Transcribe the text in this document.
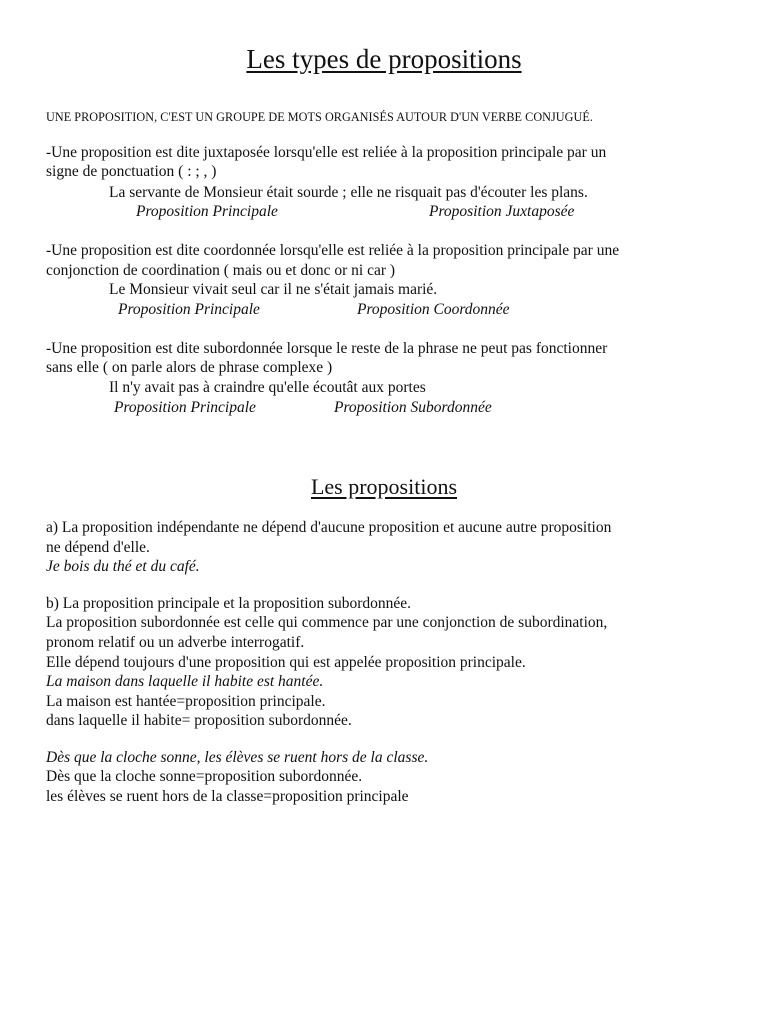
Les types de propositions
UNE PROPOSITION, C'EST UN GROUPE DE MOTS ORGANISÉS AUTOUR D'UN VERBE CONJUGUÉ.
-Une proposition est dite juxtaposée lorsqu'elle est reliée à la proposition principale par un
signe de ponctuation ( : ; , )
La servante de Monsieur était sourde ; elle ne risquait pas d'écouter les plans.
Proposition Principale	Proposition Juxtaposée
-Une proposition est dite coordonnée lorsqu'elle est reliée à la proposition principale par une
conjonction de coordination ( mais ou et donc or ni car )
Le Monsieur vivait seul car il ne s'était jamais marié.
Proposition Principale	Proposition Coordonnée
-Une proposition est dite subordonnée lorsque le reste de la phrase ne peut pas fonctionner
sans elle ( on parle alors de phrase complexe )
Il n'y avait pas à craindre qu'elle écoutât aux portes
Proposition Principale	Proposition Subordonnée
Les propositions
a) La proposition indépendante ne dépend d'aucune proposition et aucune autre proposition
ne dépend d'elle.
Je bois du thé et du café.
b) La proposition principale et la proposition subordonnée.
La proposition subordonnée est celle qui commence par une conjonction de subordination,
pronom relatif ou un adverbe interrogatif.
Elle dépend toujours d'une proposition qui est appelée proposition principale.
La maison dans laquelle il habite est hantée.
La maison est hantée=proposition principale.
dans laquelle il habite= proposition subordonnée.
Dès que la cloche sonne, les élèves se ruent hors de la classe.
Dès que la cloche sonne=proposition subordonnée.
les élèves se ruent hors de la classe=proposition principale
